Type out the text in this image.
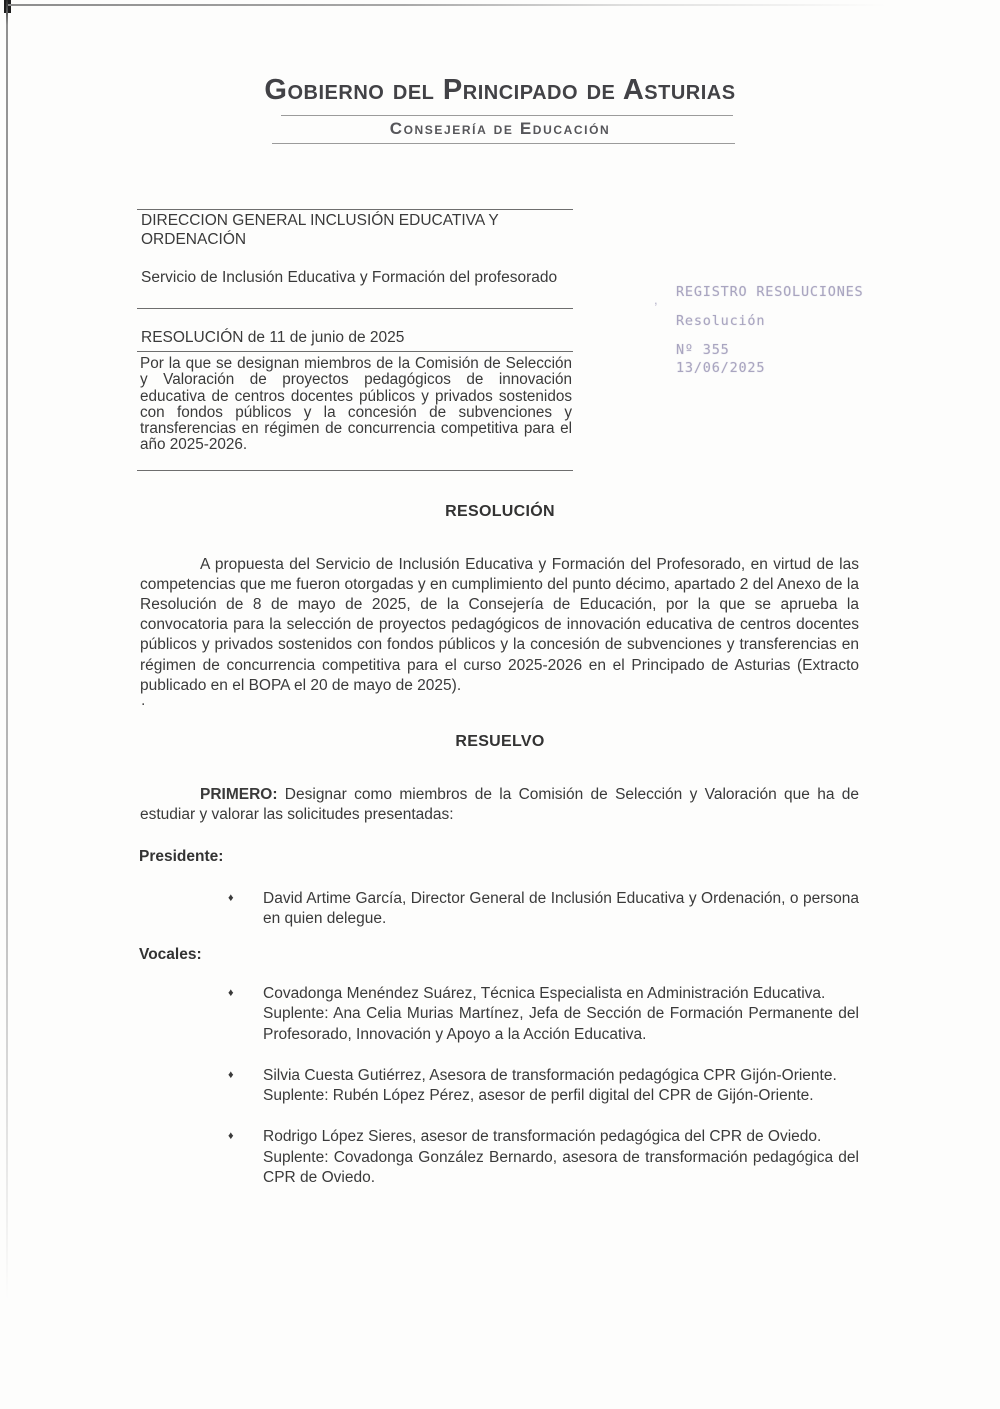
Gobierno del Principado de Asturias
Consejería de Educación
DIRECCION GENERAL INCLUSIÓN EDUCATIVA Y ORDENACIÓN
Servicio de Inclusión Educativa y Formación del profesorado
RESOLUCIÓN de 11 de junio de 2025
Por la que se designan miembros de la Comisión de Selección y Valoración de proyectos pedagógicos de innovación educativa de centros docentes públicos y privados sostenidos con fondos públicos y la concesión de subvenciones y transferencias en régimen de concurrencia competitiva para el año 2025-2026.
, REGISTRO RESOLUCIONES
Resolución
Nº 355
13/06/2025
RESOLUCIÓN

A propuesta del Servicio de Inclusión Educativa y Formación del Profesorado, en virtud de las competencias que me fueron otorgadas y en cumplimiento del punto décimo, apartado 2 del Anexo de la Resolución de 8 de mayo de 2025, de la Consejería de Educación, por la que se aprueba la convocatoria para la selección de proyectos pedagógicos de innovación educativa de centros docentes públicos y privados sostenidos con fondos públicos y la concesión de subvenciones y transferencias en régimen de concurrencia competitiva para el curso 2025-2026 en el Principado de Asturias (Extracto publicado en el BOPA el 20 de mayo de 2025).

.
RESUELVO

PRIMERO: Designar como miembros de la Comisión de Selección y Valoración que ha de estudiar y valorar las solicitudes presentadas:

Presidente:
♦	David Artime García, Director General de Inclusión Educativa y Ordenación, o persona en quien delegue.
Vocales:
♦	Covadonga Menéndez Suárez, Técnica Especialista en Administración Educativa.
Suplente: Ana Celia Murias Martínez, Jefa de Sección de Formación Permanente del Profesorado, Innovación y Apoyo a la Acción Educativa.
♦	Silvia Cuesta Gutiérrez, Asesora de transformación pedagógica CPR Gijón-Oriente.
Suplente: Rubén López Pérez, asesor de perfil digital del CPR de Gijón-Oriente.
♦	Rodrigo López Sieres, asesor de transformación pedagógica del CPR de Oviedo.
Suplente: Covadonga González Bernardo, asesora de transformación pedagógica del CPR de Oviedo.
